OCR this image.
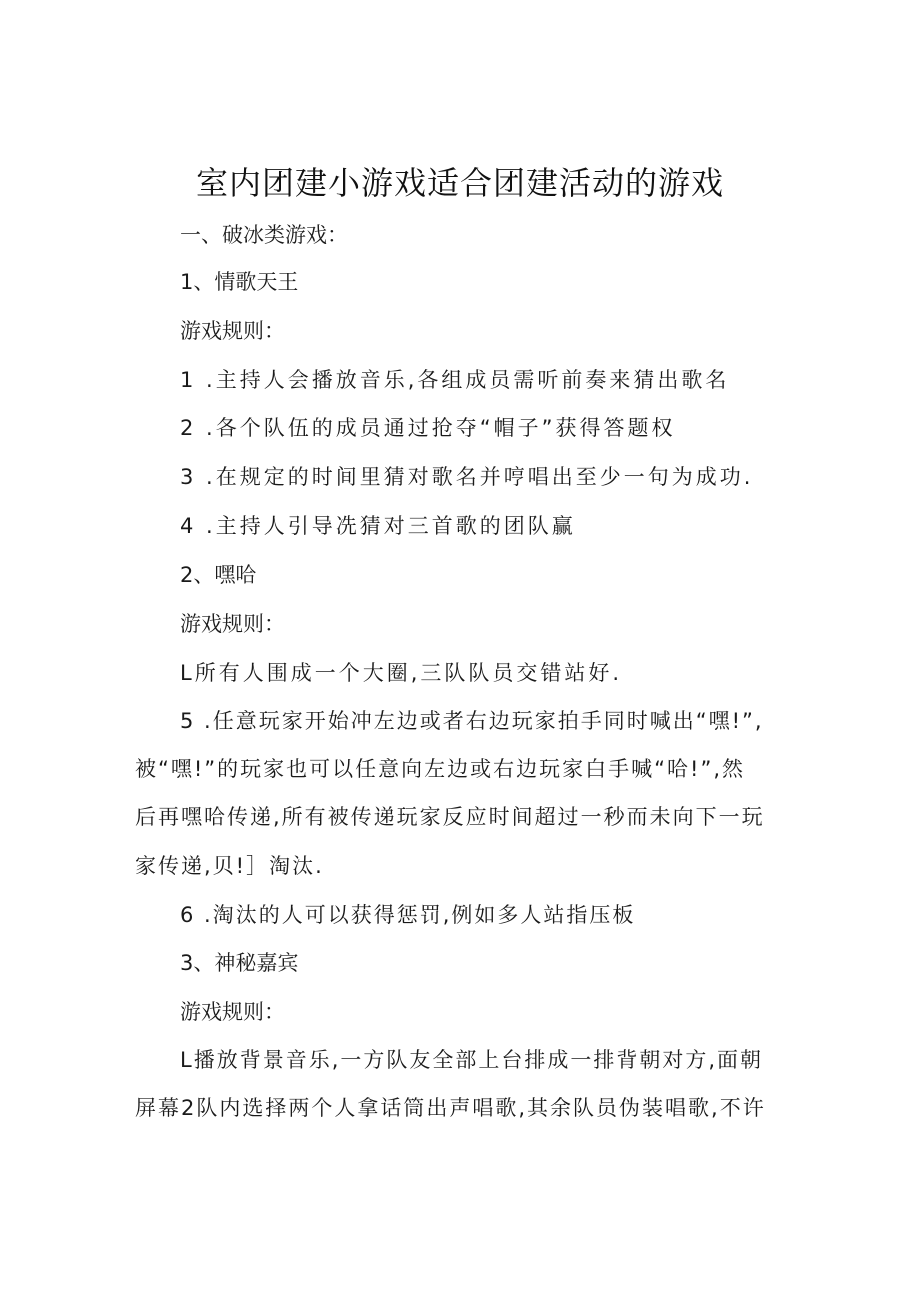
室内团建小游戏适合团建活动的游戏
一、破冰类游戏：
1、情歌天王
游戏规则：
1 .主持人会播放音乐,各组成员需听前奏来猜出歌名
2 .各个队伍的成员通过抢夺“帽子”获得答题权
3 .在规定的时间里猜对歌名并哼唱出至少一句为成功.
4 .主持人引导冼猜对三首歌的团队赢
2、嘿哈
游戏规则：
L所有人围成一个大圈,三队队员交错站好.
5 .任意玩家开始冲左边或者右边玩家拍手同时喊出“嘿!”,
被“嘿!”的玩家也可以任意向左边或右边玩家白手喊“哈!”,然
后再嘿哈传递,所有被传递玩家反应时间超过一秒而未向下一玩
家传递,贝!］淘汰.
6 .淘汰的人可以获得惩罚,例如多人站指压板
3、神秘嘉宾
游戏规则：
L播放背景音乐,一方队友全部上台排成一排背朝对方,面朝
屏幕2队内选择两个人拿话筒出声唱歌,其余队员伪装唱歌,不许
